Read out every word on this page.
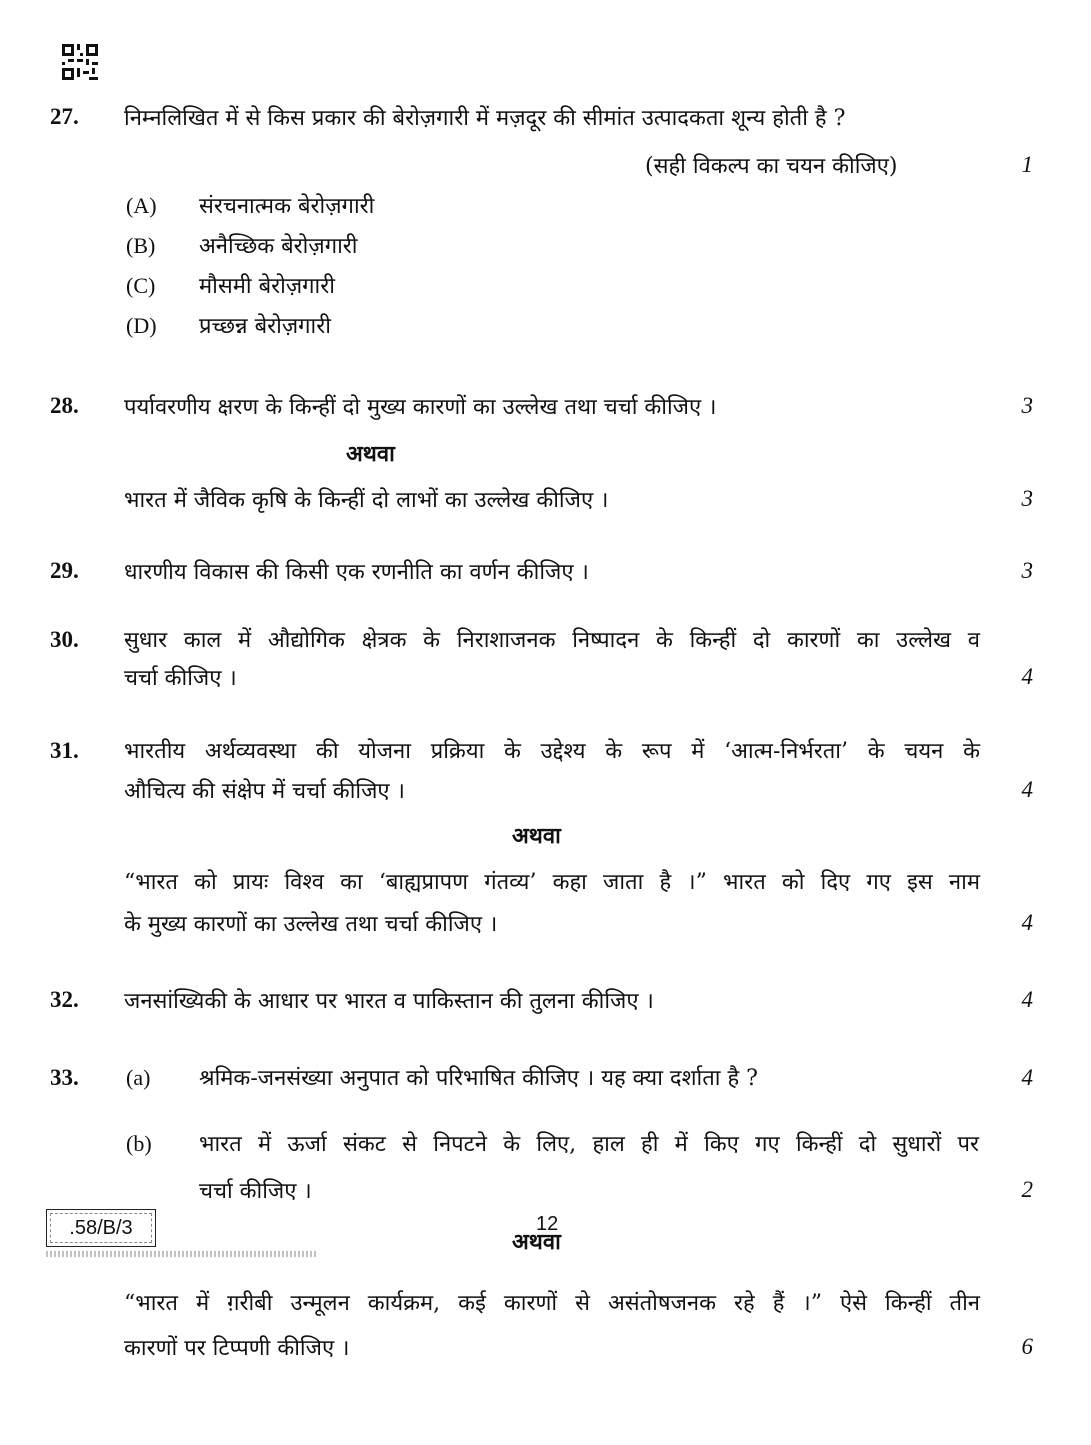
27. निम्नलिखित में से किस प्रकार की बेरोज़गारी में मज़दूर की सीमांत उत्पादकता शून्य होती है ?
(सही विकल्प का चयन कीजिए)	1
(A) संरचनात्मक बेरोज़गारी
(B) अनैच्छिक बेरोज़गारी
(C) मौसमी बेरोज़गारी
(D) प्रच्छन्न बेरोज़गारी
28. पर्यावरणीय क्षरण के किन्हीं दो मुख्य कारणों का उल्लेख तथा चर्चा कीजिए ।	3
अथवा
भारत में जैविक कृषि के किन्हीं दो लाभों का उल्लेख कीजिए ।	3
29. धारणीय विकास की किसी एक रणनीति का वर्णन कीजिए ।	3
30. सुधार काल में औद्योगिक क्षेत्रक के निराशाजनक निष्पादन के किन्हीं दो कारणों का उल्लेख व
चर्चा कीजिए ।	4
31. भारतीय अर्थव्यवस्था की योजना प्रक्रिया के उद्देश्य के रूप में ‘आत्म-निर्भरता’ के चयन के
औचित्य की संक्षेप में चर्चा कीजिए ।	4
अथवा
“भारत को प्रायः विश्व का ‘बाह्यप्रापण गंतव्य’ कहा जाता है ।” भारत को दिए गए इस नाम
के मुख्य कारणों का उल्लेख तथा चर्चा कीजिए ।	4
32. जनसांख्यिकी के आधार पर भारत व पाकिस्तान की तुलना कीजिए ।	4
33. (a) श्रमिक-जनसंख्या अनुपात को परिभाषित कीजिए । यह क्या दर्शाता है ?	4
(b) भारत में ऊर्जा संकट से निपटने के लिए, हाल ही में किए गए किन्हीं दो सुधारों पर
चर्चा कीजिए ।	2
अथवा
“भारत में ग़रीबी उन्मूलन कार्यक्रम, कई कारणों से असंतोषजनक रहे हैं ।” ऐसे किन्हीं तीन
कारणों पर टिप्पणी कीजिए ।	6
.58/B/3	12
